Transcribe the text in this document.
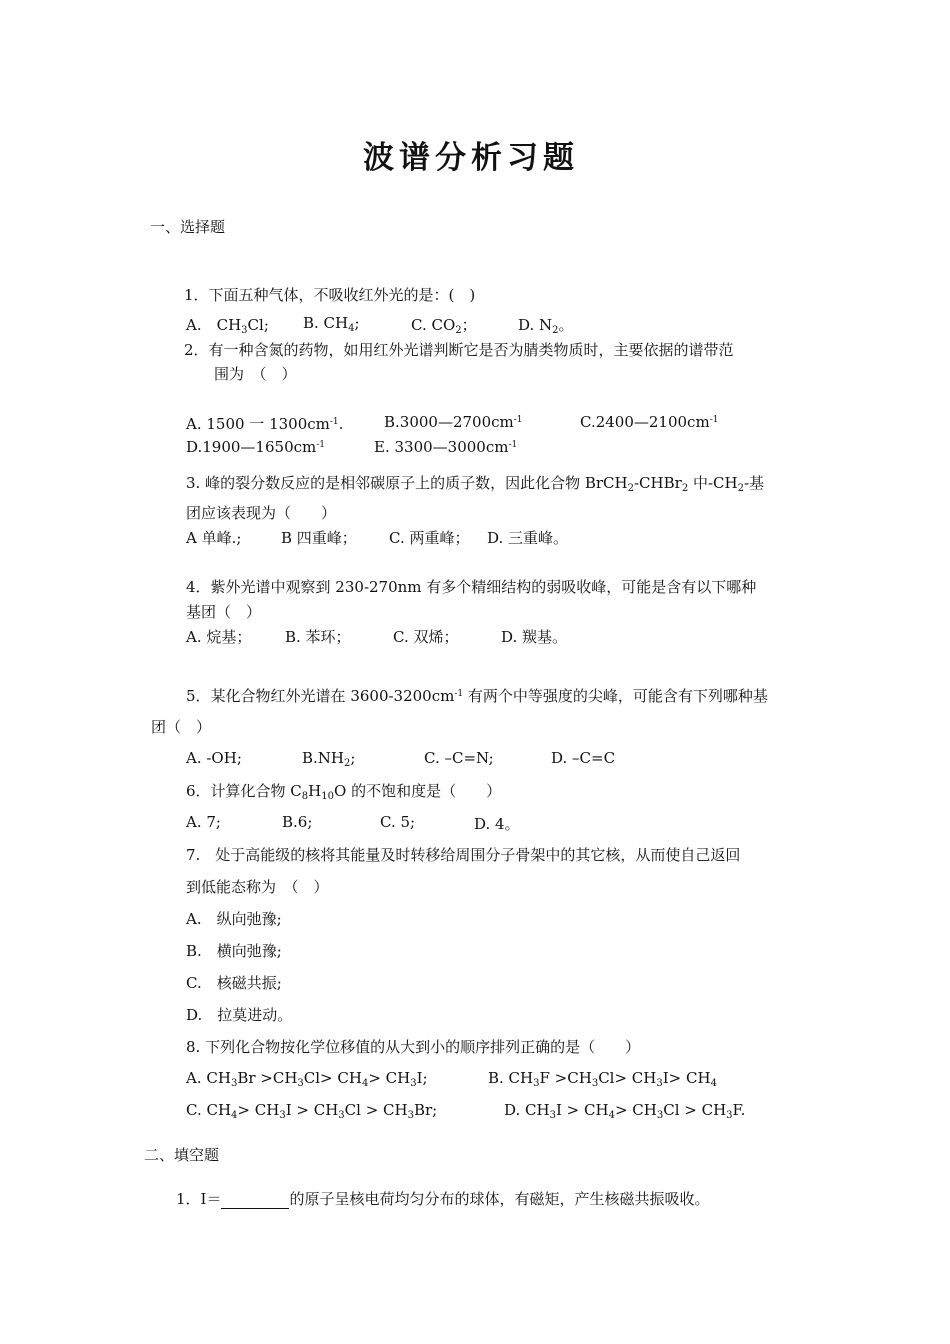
波谱分析习题
一、选择题
1．下面五种气体，不吸收红外光的是：(　)
A.　$CH_3Cl$; B. $CH_4$;	C. $CO_2$；	D. $N_2$。
2．有一种含氮的药物，如用红外光谱判断它是否为腈类物质时，主要依据的谱带范
围为　（　）
A. 1500 一 $1300cm^{-1}$.	$B.3000—2700cm^{-1}$	$C.2400—2100cm^{-1}$
$D.1900—1650cm^{-1}$	E. $3300—3000cm^{-1}$
3. 峰的裂分数反应的是相邻碳原子上的质子数，因此化合物 BrCH$_2$-CHBr$_2$ 中$-CH_2-$基
团应该表现为（　　）
A 单峰.;	B 四重峰； C. 两重峰； D. 三重峰。
4．紫外光谱中观察到 230-270nm 有多个精细结构的弱吸收峰，可能是含有以下哪种
基团（　）
A. 烷基； B. 苯环；	C. 双烯；	D. 羰基。
5．某化合物红外光谱在 $3600-3200cm^{-1}$ 有两个中等强度的尖峰，可能含有下列哪种基
团（　）
A. -OH;	$B.NH_2$;	C. –C=N;	D. –C=C
6．计算化合物 $C_8H_{10}O$ 的不饱和度是（　　）
A. 7;	B.6;	C. 5;	D. 4。
7.　处于高能级的核将其能量及时转移给周围分子骨架中的其它核，从而使自己返回
到低能态称为　（　）
A.　纵向弛豫;
B.　横向弛豫;
C.　核磁共振;
D.　拉莫进动。
8. 下列化合物按化学位移值的从大到小的顺序排列正确的是（　　）
A. $CH_3Br >CH_3Cl> CH_4> CH_3I$;	B. $CH_3F >CH_3Cl> CH_3I> CH_4$
C. $CH_4> CH_3I > CH_3Cl > CH_3Br$;	D. $CH_3I > CH_4> CH_3Cl > CH_3F$.
二、填空题
1．I＝	的原子呈核电荷均匀分布的球体，有磁矩，产生核磁共振吸收。
